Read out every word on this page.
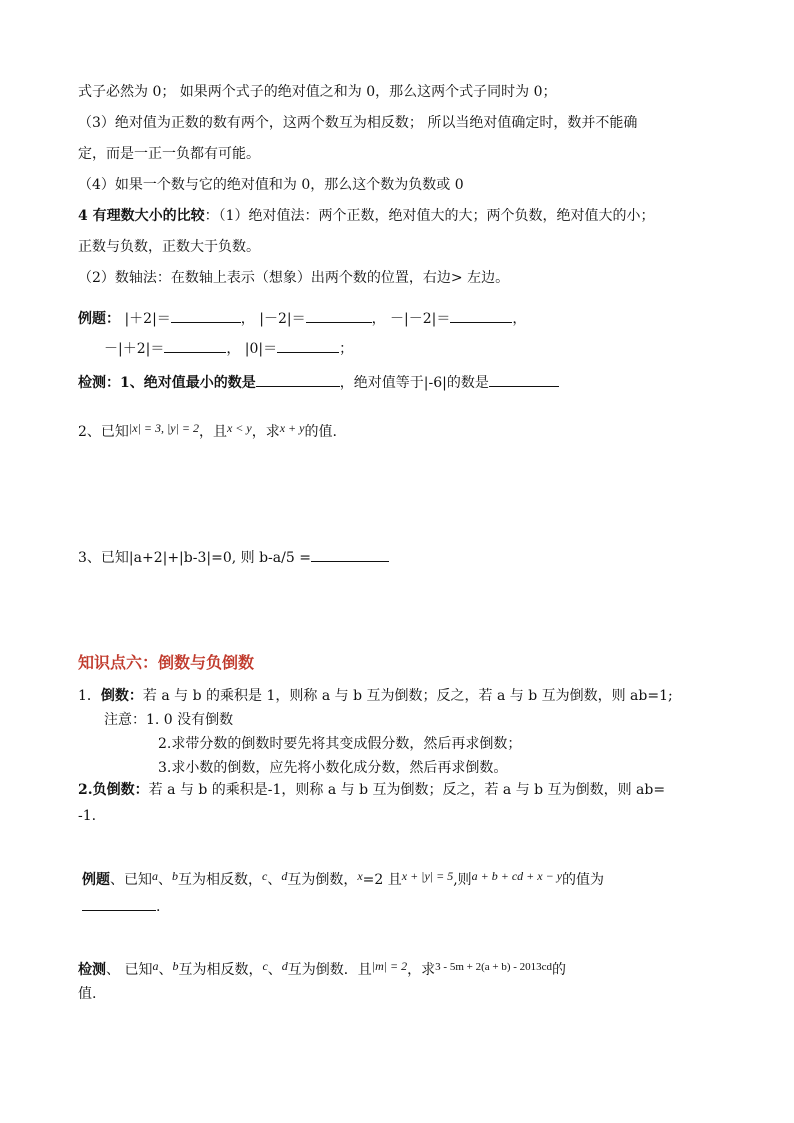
式子必然为 0； 如果两个式子的绝对值之和为 0，那么这两个式子同时为 0；
（3）绝对值为正数的数有两个，这两个数互为相反数； 所以当绝对值确定时，数并不能确
定，而是一正一负都有可能。
（4）如果一个数与它的绝对值和为 0，那么这个数为负数或 0
4 有理数大小的比较：（1）绝对值法：两个正数，绝对值大的大；两个负数，绝对值大的小；
正数与负数，正数大于负数。
（2）数轴法：在数轴上表示（想象）出两个数的位置，右边> 左边。
例题： |＋2|＝	， |－2|＝	， －|－2|＝	，
－|＋2|＝	， |0|＝	；
检测：1、绝对值最小的数是	，绝对值等于|-6|的数是
2、已知|x| = 3, |y| = 2，且x < y，求x + y的值.
3、已知|a+2|+|b-3|=0, 则 b-a/5 =
知识点六：倒数与负倒数
1．倒数：若 a 与 b 的乘积是 1，则称 a 与 b 互为倒数；反之，若 a 与 b 互为倒数，则 ab=1;
注意：1. 0 没有倒数
2.求带分数的倒数时要先将其变成假分数，然后再求倒数；
3.求小数的倒数，应先将小数化成分数，然后再求倒数。
2.负倒数：若 a 与 b 的乘积是-1，则称 a 与 b 互为倒数；反之，若 a 与 b 互为倒数，则 ab=
-1.
例题、已知a、b互为相反数，c、d互为倒数，x=2 且x + |y| = 5,则a + b + cd + x − y的值为
.
检测、 已知a、b互为相反数，c、d互为倒数．且|m| = 2，求$^{3 - 5m + 2(a + b) - 2013cd}$的
值.
